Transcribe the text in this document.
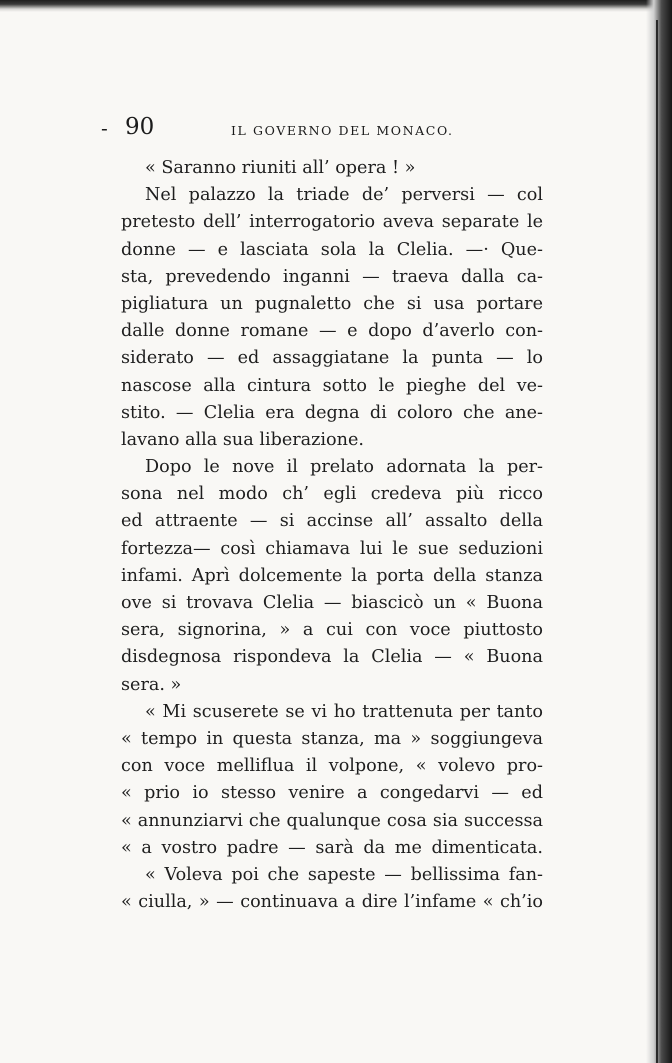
- 90	IL GOVERNO DEL MONACO.
« Saranno riuniti all’ opera ! »
Nel palazzo la triade de’ perversi — col
pretesto dell’ interrogatorio aveva separate le
donne — e lasciata sola la Clelia. —· Que-
sta, prevedendo inganni — traeva dalla ca-
pigliatura un pugnaletto che si usa portare
dalle donne romane — e dopo d’averlo con-
siderato — ed assaggiatane la punta — lo
nascose alla cintura sotto le pieghe del ve-
stito. — Clelia era degna di coloro che ane-
lavano alla sua liberazione.
Dopo le nove il prelato adornata la per-
sona nel modo ch’ egli credeva più ricco
ed attraente — si accinse all’ assalto della
fortezza— così chiamava lui le sue seduzioni
infami. Aprì dolcemente la porta della stanza
ove si trovava Clelia — biascicò un « Buona
sera, signorina, » a cui con voce piuttosto
disdegnosa rispondeva la Clelia — « Buona
sera. »
« Mi scuserete se vi ho trattenuta per tanto
« tempo in questa stanza, ma » soggiungeva
con voce melliflua il volpone, « volevo pro-
« prio io stesso venire a congedarvi — ed
« annunziarvi che qualunque cosa sia successa
« a vostro padre — sarà da me dimenticata.
« Voleva poi che sapeste — bellissima fan-
« ciulla, » — continuava a dire l’infame « ch’io
